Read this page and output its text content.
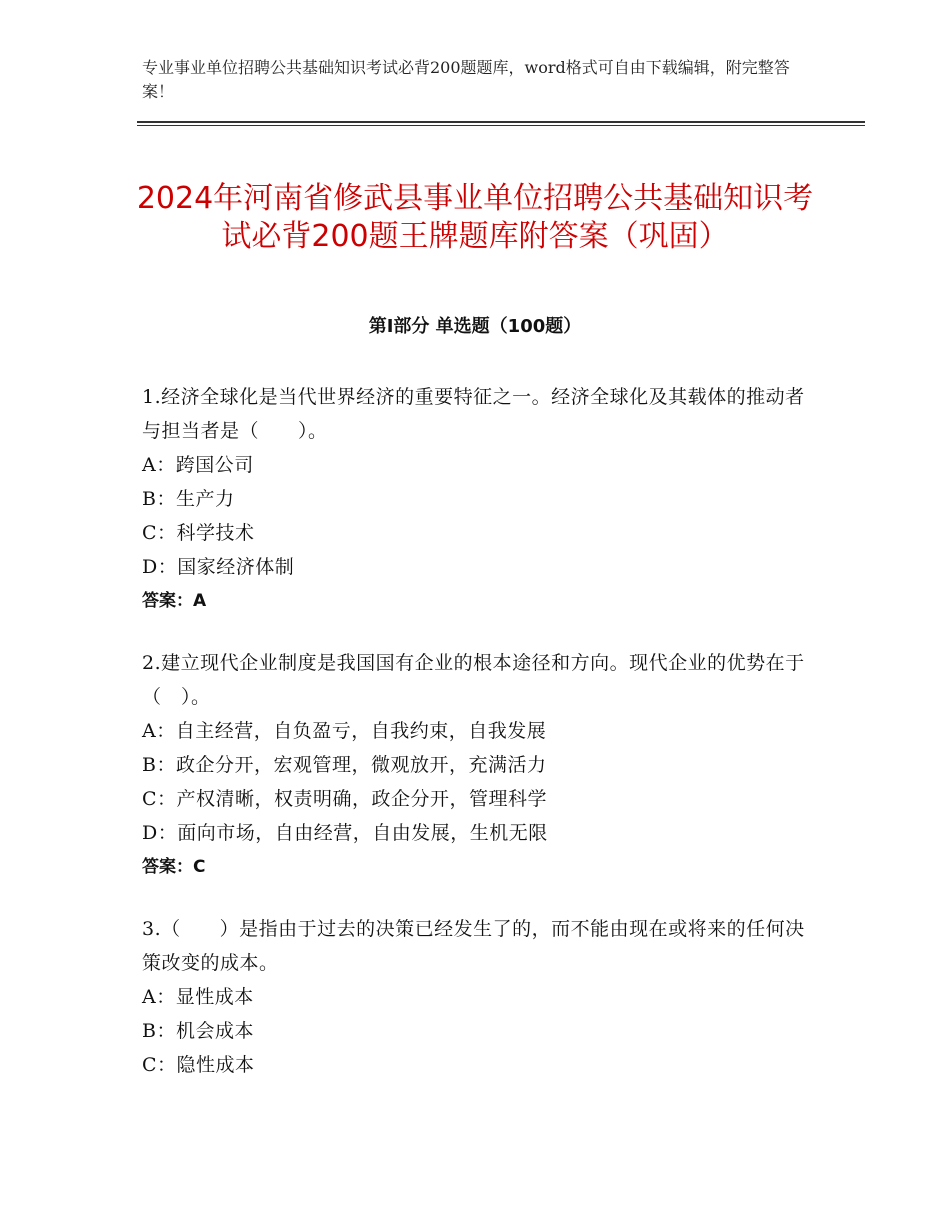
专业事业单位招聘公共基础知识考试必背200题题库，word格式可自由下载编辑，附完整答案！
2024年河南省修武县事业单位招聘公共基础知识考试必背200题王牌题库附答案（巩固）
第Ⅰ部分 单选题（100题）
1.经济全球化是当代世界经济的重要特征之一。经济全球化及其载体的推动者与担当者是（　　）。
A：跨国公司
B：生产力
C：科学技术
D：国家经济体制
答案：A
2.建立现代企业制度是我国国有企业的根本途径和方向。现代企业的优势在于（　）。
A：自主经营，自负盈亏，自我约束，自我发展
B：政企分开，宏观管理，微观放开，充满活力
C：产权清晰，权责明确，政企分开，管理科学
D：面向市场，自由经营，自由发展，生机无限
答案：C
3.（　　）是指由于过去的决策已经发生了的，而不能由现在或将来的任何决策改变的成本。
A：显性成本
B：机会成本
C：隐性成本
